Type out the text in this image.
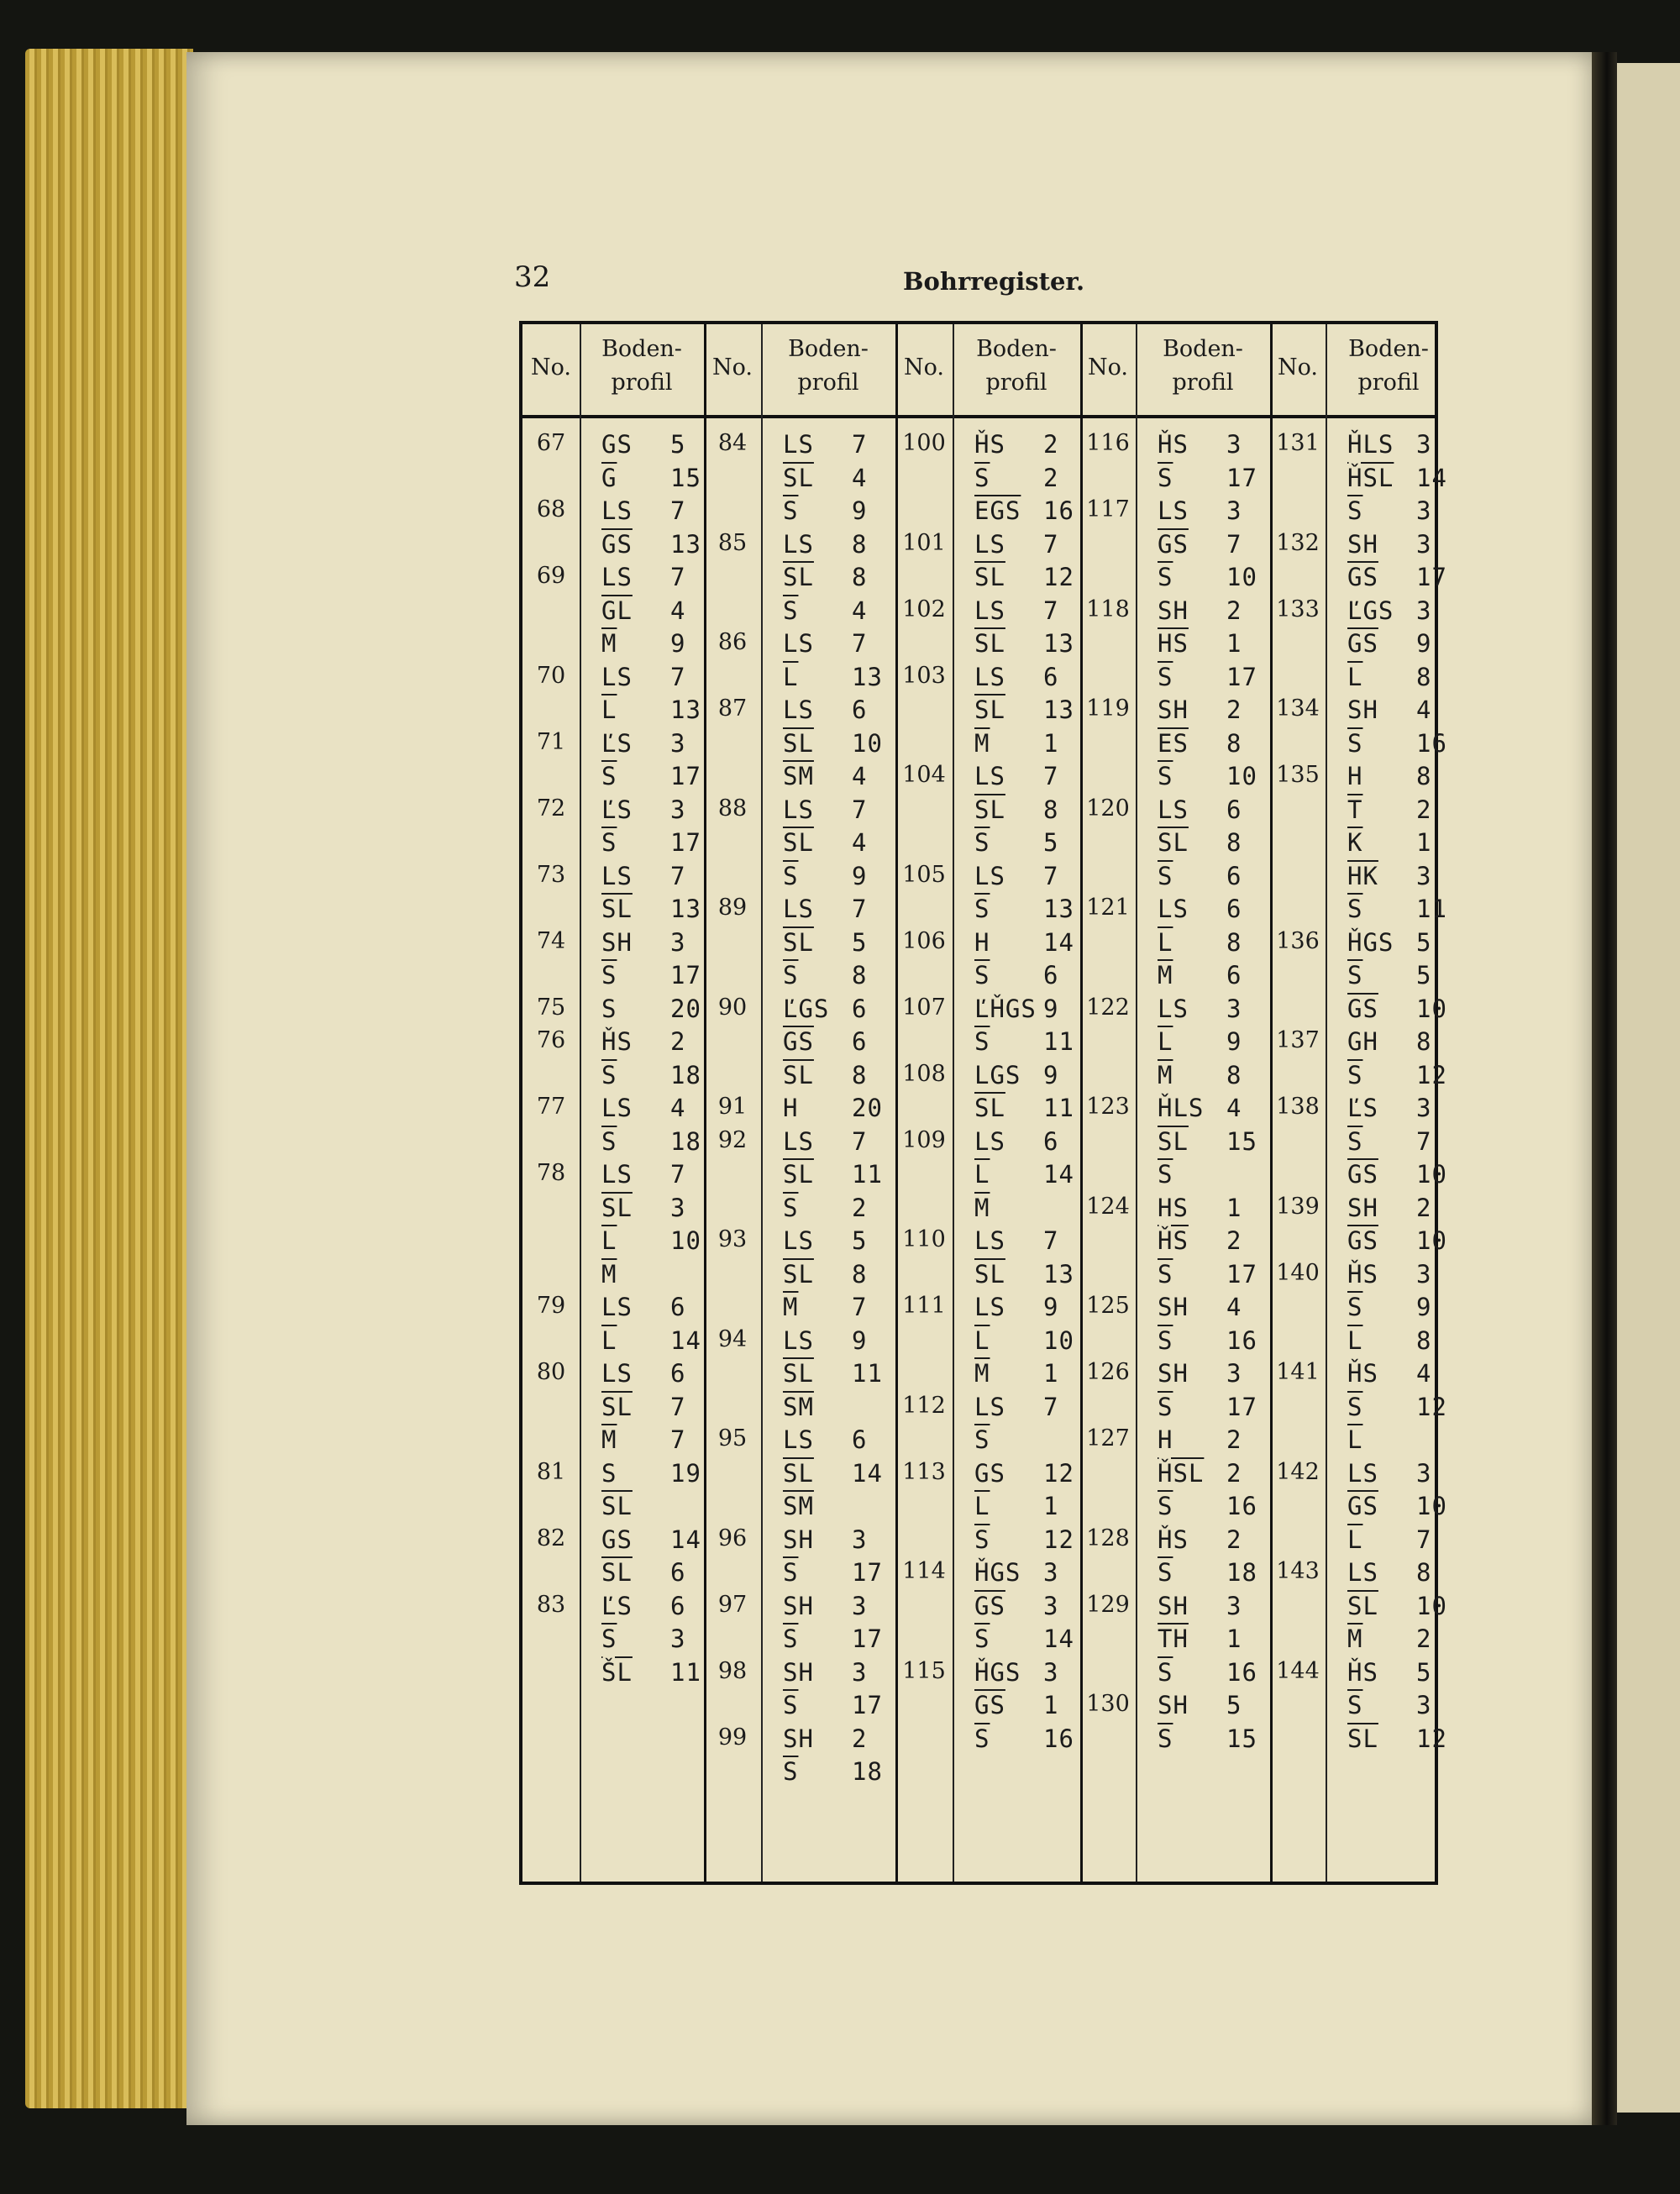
32	Bohrregister.
No.
Boden-
profil
No.
Boden-
profil
No.
Boden-
profil
No.
Boden-
profil
No.
Boden-
profil
67	GS 5
$\overline{G}$ 15
68	LS 7
$\overline{GS}$ 13
69	LS 7
$\overline{GL}$ 4
$\overline{M}$ 9
70	LS 7
$\overline{L}$ 13
71	ĽS 3
$\overline{S}$ 17
72	ĽS 3
$\overline{S}$ 17
73	LS 7
$\overline{SL}$ 13
74	SH 3
$\overline{S}$ 17
75	S 20
76	ȞS 2
$\overline{S}$ 18
77	LS 4
$\overline{S}$ 18
78	LS 7
$\overline{SL}$ 3
$\overline{L}$ 10
$\overline{M}$
79	LS 6
$\overline{L}$ 14
80	LS 6
$\overline{SL}$ 7
$\overline{M}$ 7
81	S 19
$\overline{SL}$
82	GS 14
$\overline{SL}$ 6
83	ĽS 6
$\overline{S}$ 3
$\overline{ŠL}$ 11
84	LS 7
$\overline{SL}$ 4
$\overline{S}$ 9
85	LS 8
$\overline{SL}$ 8
$\overline{S}$ 4
86	LS 7
$\overline{L}$ 13
87	LS 6
$\overline{SL}$ 10
$\overline{SM}$ 4
88	LS 7
$\overline{SL}$ 4
$\overline{S}$ 9
89	LS 7
$\overline{SL}$ 5
$\overline{S}$ 8
90	ĽGS 6
$\overline{GS}$ 6
$\overline{SL}$ 8
91	H 20
92	LS 7
$\overline{SL}$ 11
$\overline{S}$ 2
93	LS 5
$\overline{SL}$ 8
$\overline{M}$ 7
94	LS 9
$\overline{SL}$ 11
$\overline{SM}$
95	LS 6
$\overline{SL}$ 14
$\overline{SM}$
96	SH 3
$\overline{S}$ 17
97	SH 3
$\overline{S}$ 17
98	SH 3
$\overline{S}$ 17
99	SH 2
$\overline{S}$ 18
100 ȞS 2
$\overline{S}$ 2
$\overline{EGS}$ 16
101 LS 7
$\overline{SL}$ 12
102 LS 7
$\overline{SL}$ 13
103 LS 6
$\overline{SL}$ 13
$\overline{M}$ 1
104 LS 7
$\overline{SL}$ 8
$\overline{S}$ 5
105 LS 7
$\overline{S}$ 13
106 H 14
$\overline{S}$ 6
107 ĽȞGS 9
$\overline{S}$ 11
108 LGS 9
$\overline{SL}$ 11
109 LS 6
$\overline{L}$ 14
$\overline{M}$
110 LS 7
$\overline{SL}$ 13
111 LS 9
$\overline{L}$ 10
$\overline{M}$ 1
112 LS 7
$\overline{S}$
113 GS 12
$\overline{L}$ 1
$\overline{S}$ 12
114 ȞGS 3
$\overline{GS}$ 3
$\overline{S}$ 14
115 ȞGS 3
$\overline{GS}$ 1
$\overline{S}$ 16
116 ȞS 3
$\overline{S}$ 17
117 LS 3
$\overline{GS}$ 7
$\overline{S}$ 10
118 SH 2
$\overline{HS}$ 1
$\overline{S}$ 17
119 SH 2
$\overline{ES}$ 8
$\overline{S}$ 10
120 LS 6
$\overline{SL}$ 8
$\overline{S}$ 6
121 LS 6
$\overline{L}$ 8
$\overline{M}$ 6
122 LS 3
$\overline{L}$ 9
$\overline{M}$ 8
123 ȞLS 4
$\overline{SL}$ 15
$\overline{S}$
124 HS 1
$\overline{ȞS}$ 2
$\overline{S}$ 17
125 SH 4
$\overline{S}$ 16
126 SH 3
$\overline{S}$ 17
127 H 2
$\overline{ȞSL}$ 2
$\overline{S}$ 16
128 ȞS 2
$\overline{S}$ 18
129 SH 3
$\overline{TH}$ 1
$\overline{S}$ 16
130 SH 5
$\overline{S}$ 15
131 ȞLS 3
$\overline{ȞSL}$ 14
$\overline{S}$ 3
132 SH 3
$\overline{GS}$ 17
133 ĽGS 3
$\overline{GS}$ 9
$\overline{L}$ 8
134 SH 4
$\overline{S}$ 16
135 H 8
$\overline{T}$ 2
$\overline{K}$ 1
$\overline{HK}$ 3
$\overline{S}$ 11
136 ȞGS 5
$\overline{S}$ 5
$\overline{GS}$ 10
137 GH 8
$\overline{S}$ 12
138 ĽS 3
$\overline{S}$ 7
$\overline{GS}$ 10
139 SH 2
$\overline{GS}$ 10
140 ȞS 3
$\overline{S}$ 9
$\overline{L}$ 8
141 ȞS 4
$\overline{S}$ 12
$\overline{L}$
142 LS 3
$\overline{GS}$ 10
$\overline{L}$ 7
143 LS 8
$\overline{SL}$ 10
$\overline{M}$ 2
144 ȞS 5
$\overline{S}$ 3
$\overline{SL}$ 12
